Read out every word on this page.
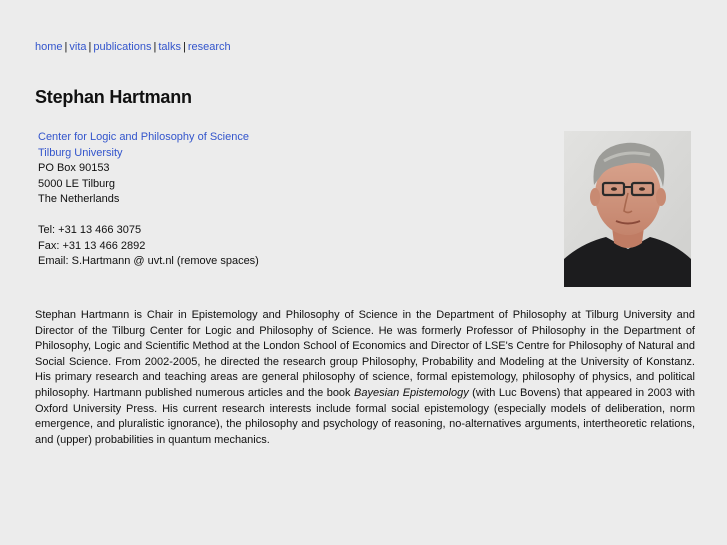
home | vita | publications | talks | research
Stephan Hartmann
Center for Logic and Philosophy of Science
Tilburg University
PO Box 90153
5000 LE Tilburg
The Netherlands
Tel: +31 13 466 3075
Fax: +31 13 466 2892
Email: S.Hartmann @ uvt.nl (remove spaces)

Stephan Hartmann is Chair in Epistemology and Philosophy of Science in the Department of Philosophy at Tilburg University and Director of the Tilburg Center for Logic and Philosophy of Science. He was formerly Professor of Philosophy in the Department of Philosophy, Logic and Scientific Method at the London School of Economics and Director of LSE's Centre for Philosophy of Natural and Social Science. From 2002-2005, he directed the research group Philosophy, Probability and Modeling at the University of Konstanz. His primary research and teaching areas are general philosophy of science, formal epistemology, philosophy of physics, and political philosophy. Hartmann published numerous articles and the book Bayesian Epistemology (with Luc Bovens) that appeared in 2003 with Oxford University Press. His current research interests include formal social epistemology (especially models of deliberation, norm emergence, and pluralistic ignorance), the philosophy and psychology of reasoning, no-alternatives arguments, intertheoretic relations, and (upper) probabilities in quantum mechanics.
